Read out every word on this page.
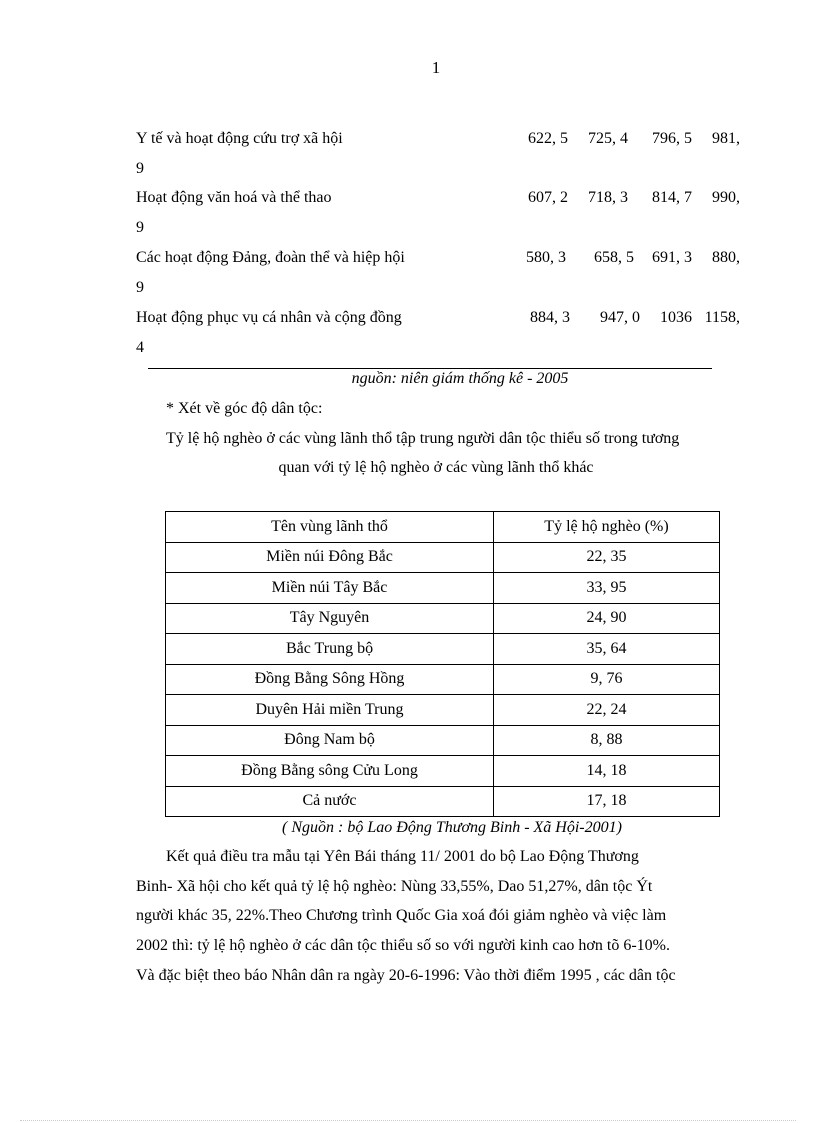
1
Y tế và hoạt động cứu trợ xã hội	622, 5	725, 4	796, 5	981,
9
Hoạt động văn hoá và thể thao	607, 2	718, 3	814, 7	990,
9
Các hoạt động Đảng, đoàn thể và hiệp hội	580, 3	658, 5	691, 3	880,
9
Hoạt động phục vụ cá nhân và cộng đồng	884, 3	947, 0	1036 1158,
4
nguồn: niên giám thống kê - 2005
* Xét về góc độ dân tộc:
Tỷ lệ hộ nghèo ở các vùng lãnh thổ tập trung người dân tộc thiểu số trong tương
quan với tỷ lệ hộ nghèo ở các vùng lãnh thổ khác
Tên vùng lãnh thổ	Tỷ lệ hộ nghèo (%)
Miền núi Đông Bắc	22, 35
Miền núi Tây Bắc	33, 95
Tây Nguyên	24, 90
Bắc Trung bộ	35, 64
Đồng Bằng Sông Hồng	9, 76
Duyên Hải miền Trung	22, 24
Đông Nam bộ	8, 88
Đồng Bằng sông Cửu Long	14, 18
Cả nước	17, 18
( Nguồn : bộ Lao Động Thương Binh - Xã Hội-2001)
Kết quả điều tra mẫu tại Yên Bái tháng 11/ 2001 do bộ Lao Động Thương
Binh- Xã hội cho kết quả tỷ lệ hộ nghèo: Nùng 33,55%, Dao 51,27%, dân tộc Ýt
người khác 35, 22%.Theo Chương trình Quốc Gia xoá đói giảm nghèo và việc làm
2002 thì: tỷ lệ hộ nghèo ở các dân tộc thiểu số so với người kinh cao hơn tõ 6-10%.
Và đặc biệt theo báo Nhân dân ra ngày 20-6-1996: Vào thời điểm 1995 , các dân tộc
